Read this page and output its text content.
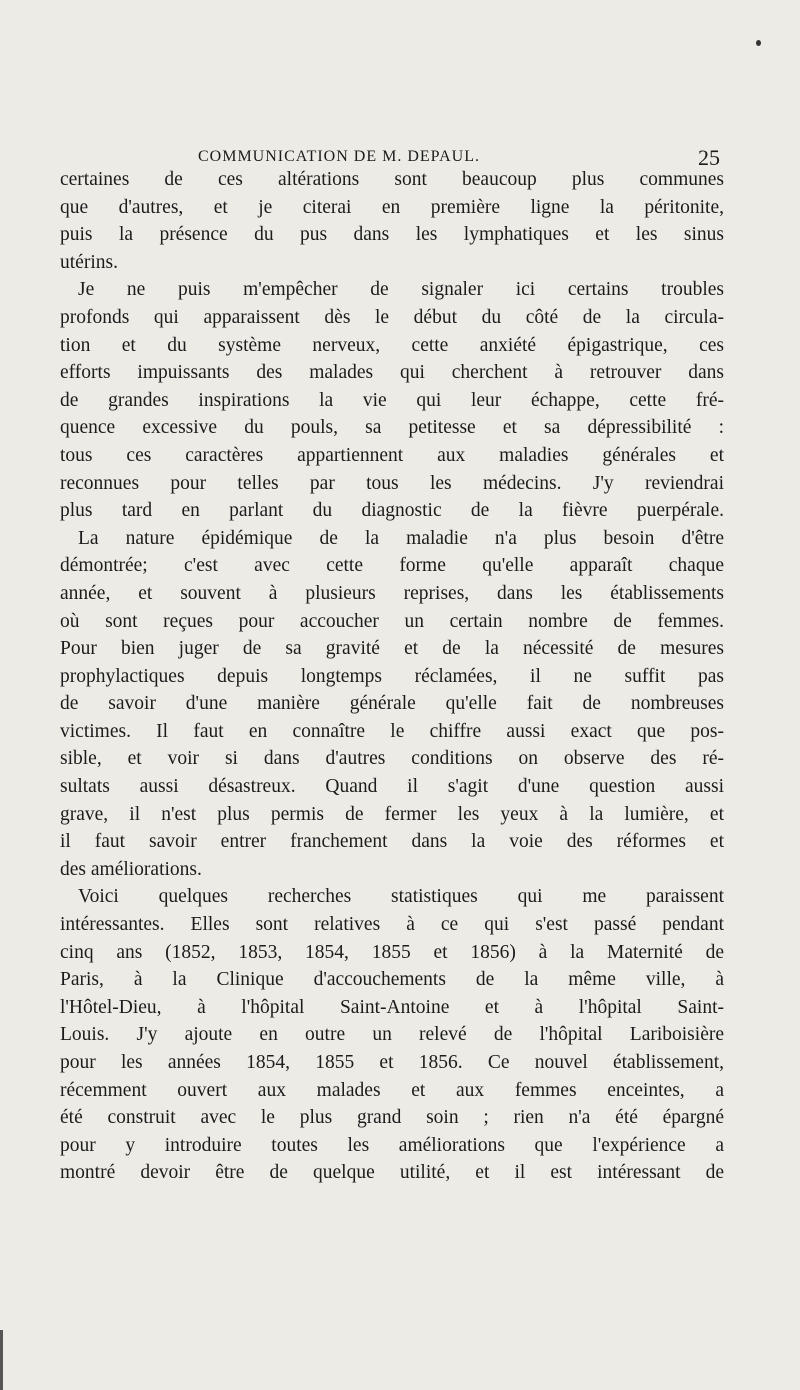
COMMUNICATION DE M. DEPAUL.	25
certaines de ces altérations sont beaucoup plus communes
que d'autres, et je citerai en première ligne la péritonite,
puis la présence du pus dans les lymphatiques et les sinus
utérins.
Je ne puis m'empêcher de signaler ici certains troubles
profonds qui apparaissent dès le début du côté de la circula-
tion et du système nerveux, cette anxiété épigastrique, ces
efforts impuissants des malades qui cherchent à retrouver dans
de grandes inspirations la vie qui leur échappe, cette fré-
quence excessive du pouls, sa petitesse et sa dépressibilité :
tous ces caractères appartiennent aux maladies générales et
reconnues pour telles par tous les médecins. J'y reviendrai
plus tard en parlant du diagnostic de la fièvre puerpérale.
La nature épidémique de la maladie n'a plus besoin d'être
démontrée; c'est avec cette forme qu'elle apparaît chaque
année, et souvent à plusieurs reprises, dans les établissements
où sont reçues pour accoucher un certain nombre de femmes.
Pour bien juger de sa gravité et de la nécessité de mesures
prophylactiques depuis longtemps réclamées, il ne suffit pas
de savoir d'une manière générale qu'elle fait de nombreuses
victimes. Il faut en connaître le chiffre aussi exact que pos-
sible, et voir si dans d'autres conditions on observe des ré-
sultats aussi désastreux. Quand il s'agit d'une question aussi
grave, il n'est plus permis de fermer les yeux à la lumière, et
il faut savoir entrer franchement dans la voie des réformes et
des améliorations.
Voici quelques recherches statistiques qui me paraissent
intéressantes. Elles sont relatives à ce qui s'est passé pendant
cinq ans (1852, 1853, 1854, 1855 et 1856) à la Maternité de
Paris, à la Clinique d'accouchements de la même ville, à
l'Hôtel-Dieu, à l'hôpital Saint-Antoine et à l'hôpital Saint-
Louis. J'y ajoute en outre un relevé de l'hôpital Lariboisière
pour les années 1854, 1855 et 1856. Ce nouvel établissement,
récemment ouvert aux malades et aux femmes enceintes, a
été construit avec le plus grand soin ; rien n'a été épargné
pour y introduire toutes les améliorations que l'expérience a
montré devoir être de quelque utilité, et il est intéressant de
